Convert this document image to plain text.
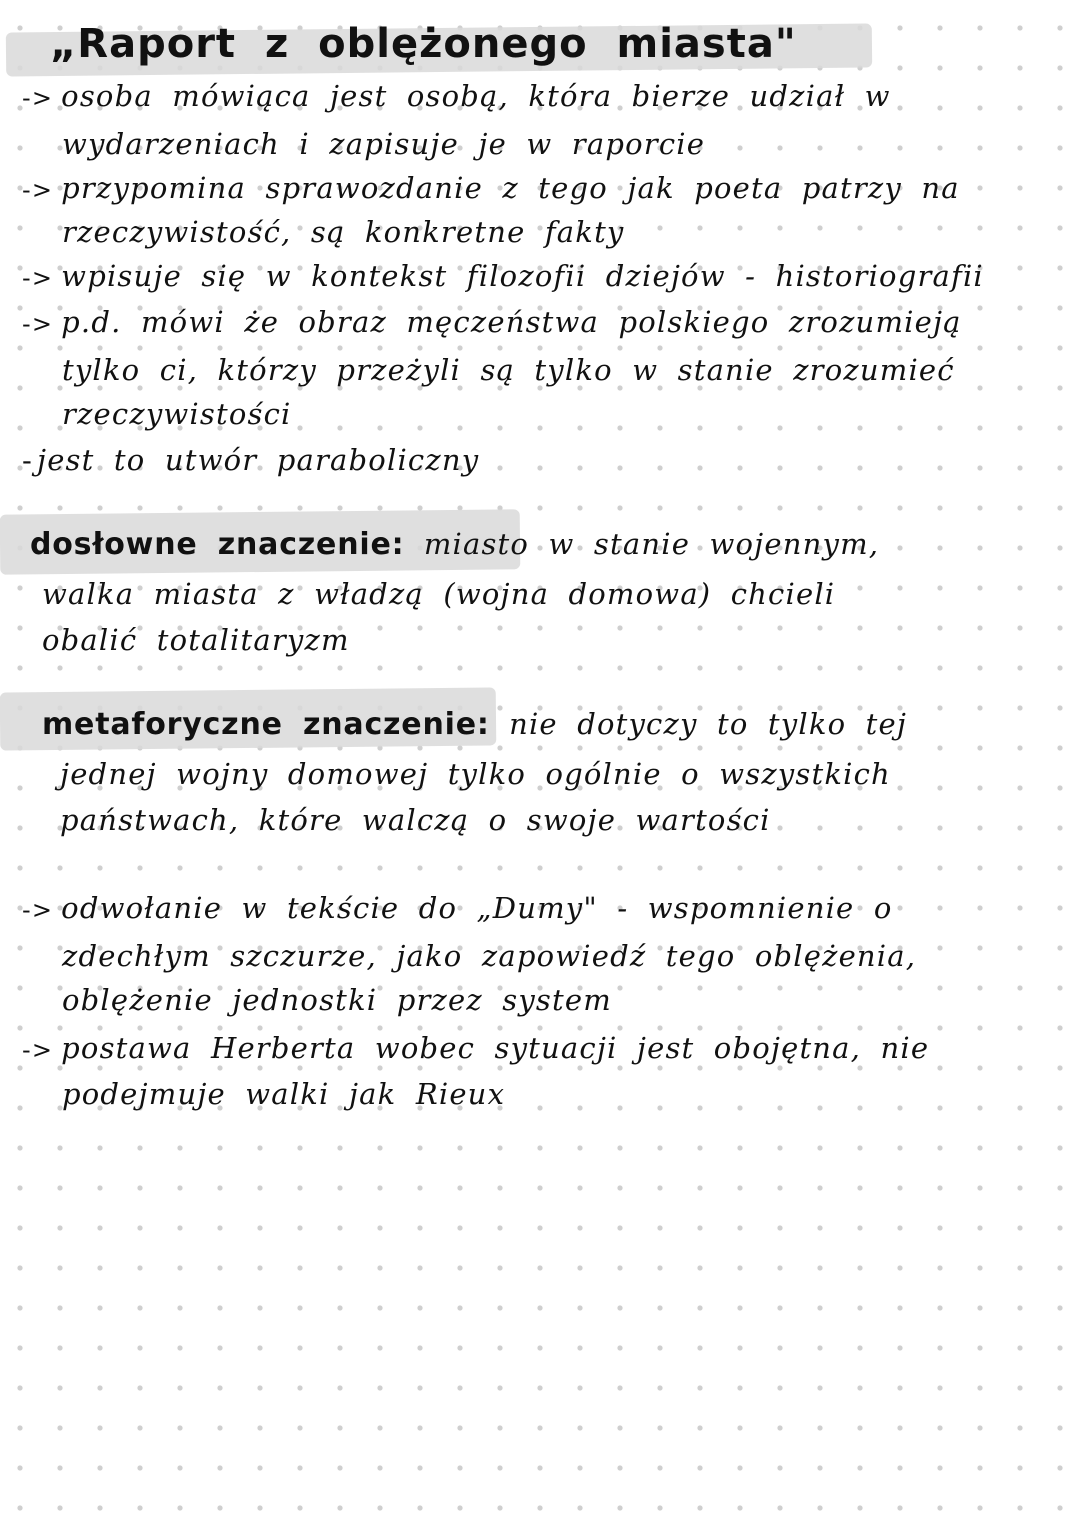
„Raport z oblężonego miasta"
-> osoba mówiąca jest osobą, która bierze udział w
wydarzeniach i zapisuje je w raporcie
-> przypomina sprawozdanie z tego jak poeta patrzy na
rzeczywistość, są konkretne fakty
-> wpisuje się w kontekst filozofii dziejów - historiografii
-> p.d. mówi że obraz męczeństwa polskiego zrozumieją
tylko ci, którzy przeżyli są tylko w stanie zrozumieć
rzeczywistości
- jest to utwór paraboliczny
dosłowne znaczenie: miasto w stanie wojennym,
walka miasta z władzą (wojna domowa) chcieli
obalić totalitaryzm
metaforyczne znaczenie: nie dotyczy to tylko tej
jednej wojny domowej tylko ogólnie o wszystkich
państwach, które walczą o swoje wartości
-> odwołanie w tekście do „Dumy" - wspomnienie o
zdechłym szczurze, jako zapowiedź tego oblężenia,
oblężenie jednostki przez system
-> postawa Herberta wobec sytuacji jest obojętna, nie
podejmuje walki jak Rieux
